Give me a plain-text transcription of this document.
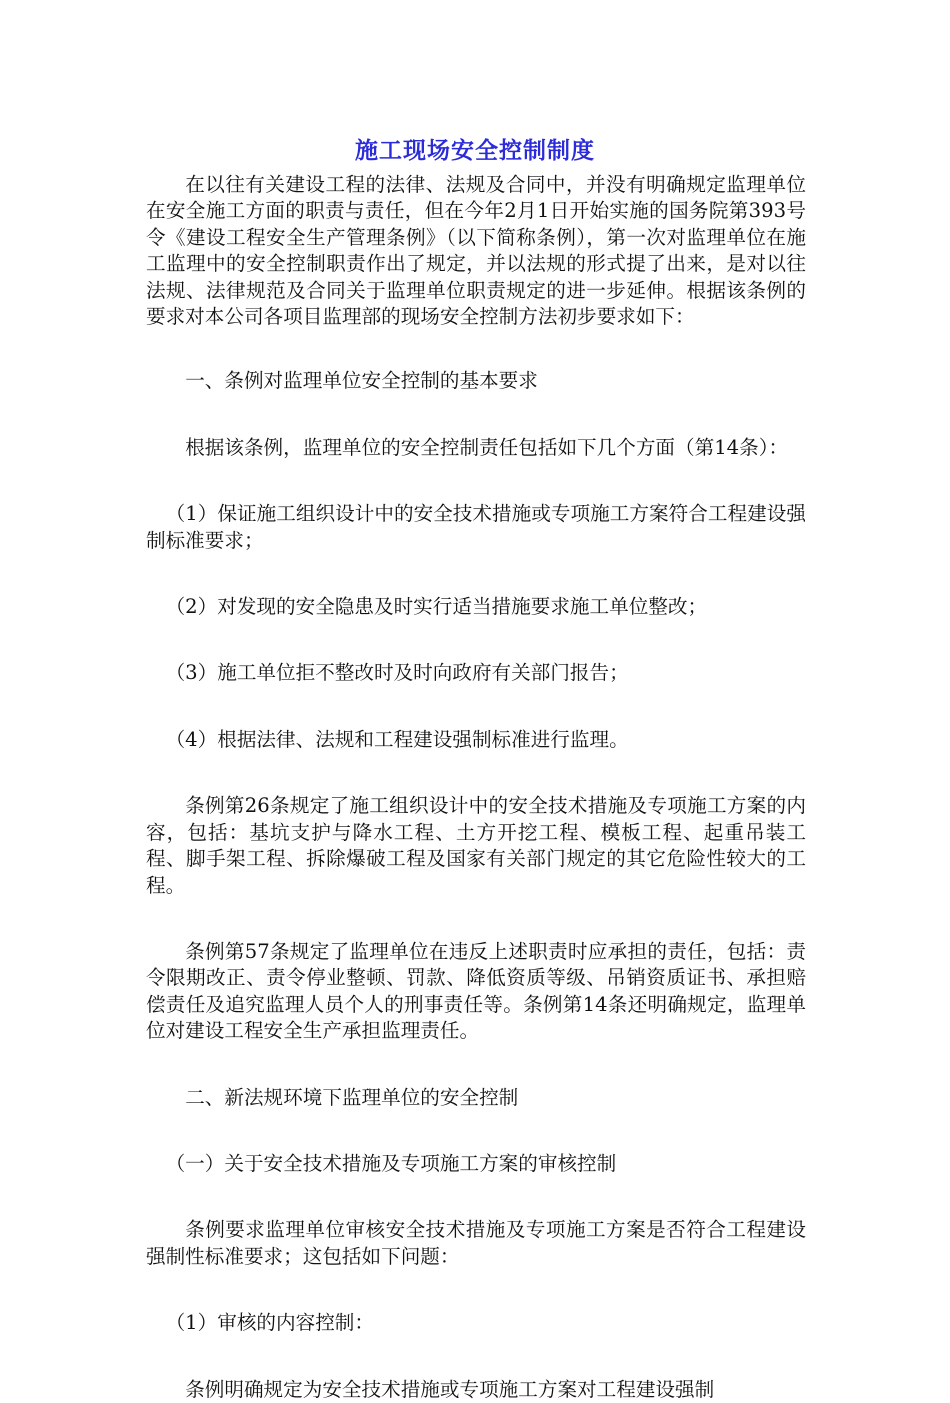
施工现场安全控制制度

在以往有关建设工程的法律、法规及合同中，并没有明确规定监理单位在安全施工方面的职责与责任，但在今年2月1日开始实施的国务院第393号令《建设工程安全生产管理条例》（以下简称条例），第一次对监理单位在施工监理中的安全控制职责作出了规定，并以法规的形式提了出来，是对以往法规、法律规范及合同关于监理单位职责规定的进一步延伸。根据该条例的要求对本公司各项目监理部的现场安全控制方法初步要求如下：

一、条例对监理单位安全控制的基本要求

根据该条例，监理单位的安全控制责任包括如下几个方面（第14条）：

（1）保证施工组织设计中的安全技术措施或专项施工方案符合工程建设强制标准要求；

（2）对发现的安全隐患及时实行适当措施要求施工单位整改；

（3）施工单位拒不整改时及时向政府有关部门报告；

（4）根据法律、法规和工程建设强制标准进行监理。

条例第26条规定了施工组织设计中的安全技术措施及专项施工方案的内容，包括：基坑支护与降水工程、土方开挖工程、模板工程、起重吊装工程、脚手架工程、拆除爆破工程及国家有关部门规定的其它危险性较大的工程。

条例第57条规定了监理单位在违反上述职责时应承担的责任，包括：责令限期改正、责令停业整顿、罚款、降低资质等级、吊销资质证书、承担赔偿责任及追究监理人员个人的刑事责任等。条例第14条还明确规定，监理单位对建设工程安全生产承担监理责任。

二、新法规环境下监理单位的安全控制

（一）关于安全技术措施及专项施工方案的审核控制

条例要求监理单位审核安全技术措施及专项施工方案是否符合工程建设强制性标准要求；这包括如下问题：

（1）审核的内容控制：

条例明确规定为安全技术措施或专项施工方案对工程建设强制
